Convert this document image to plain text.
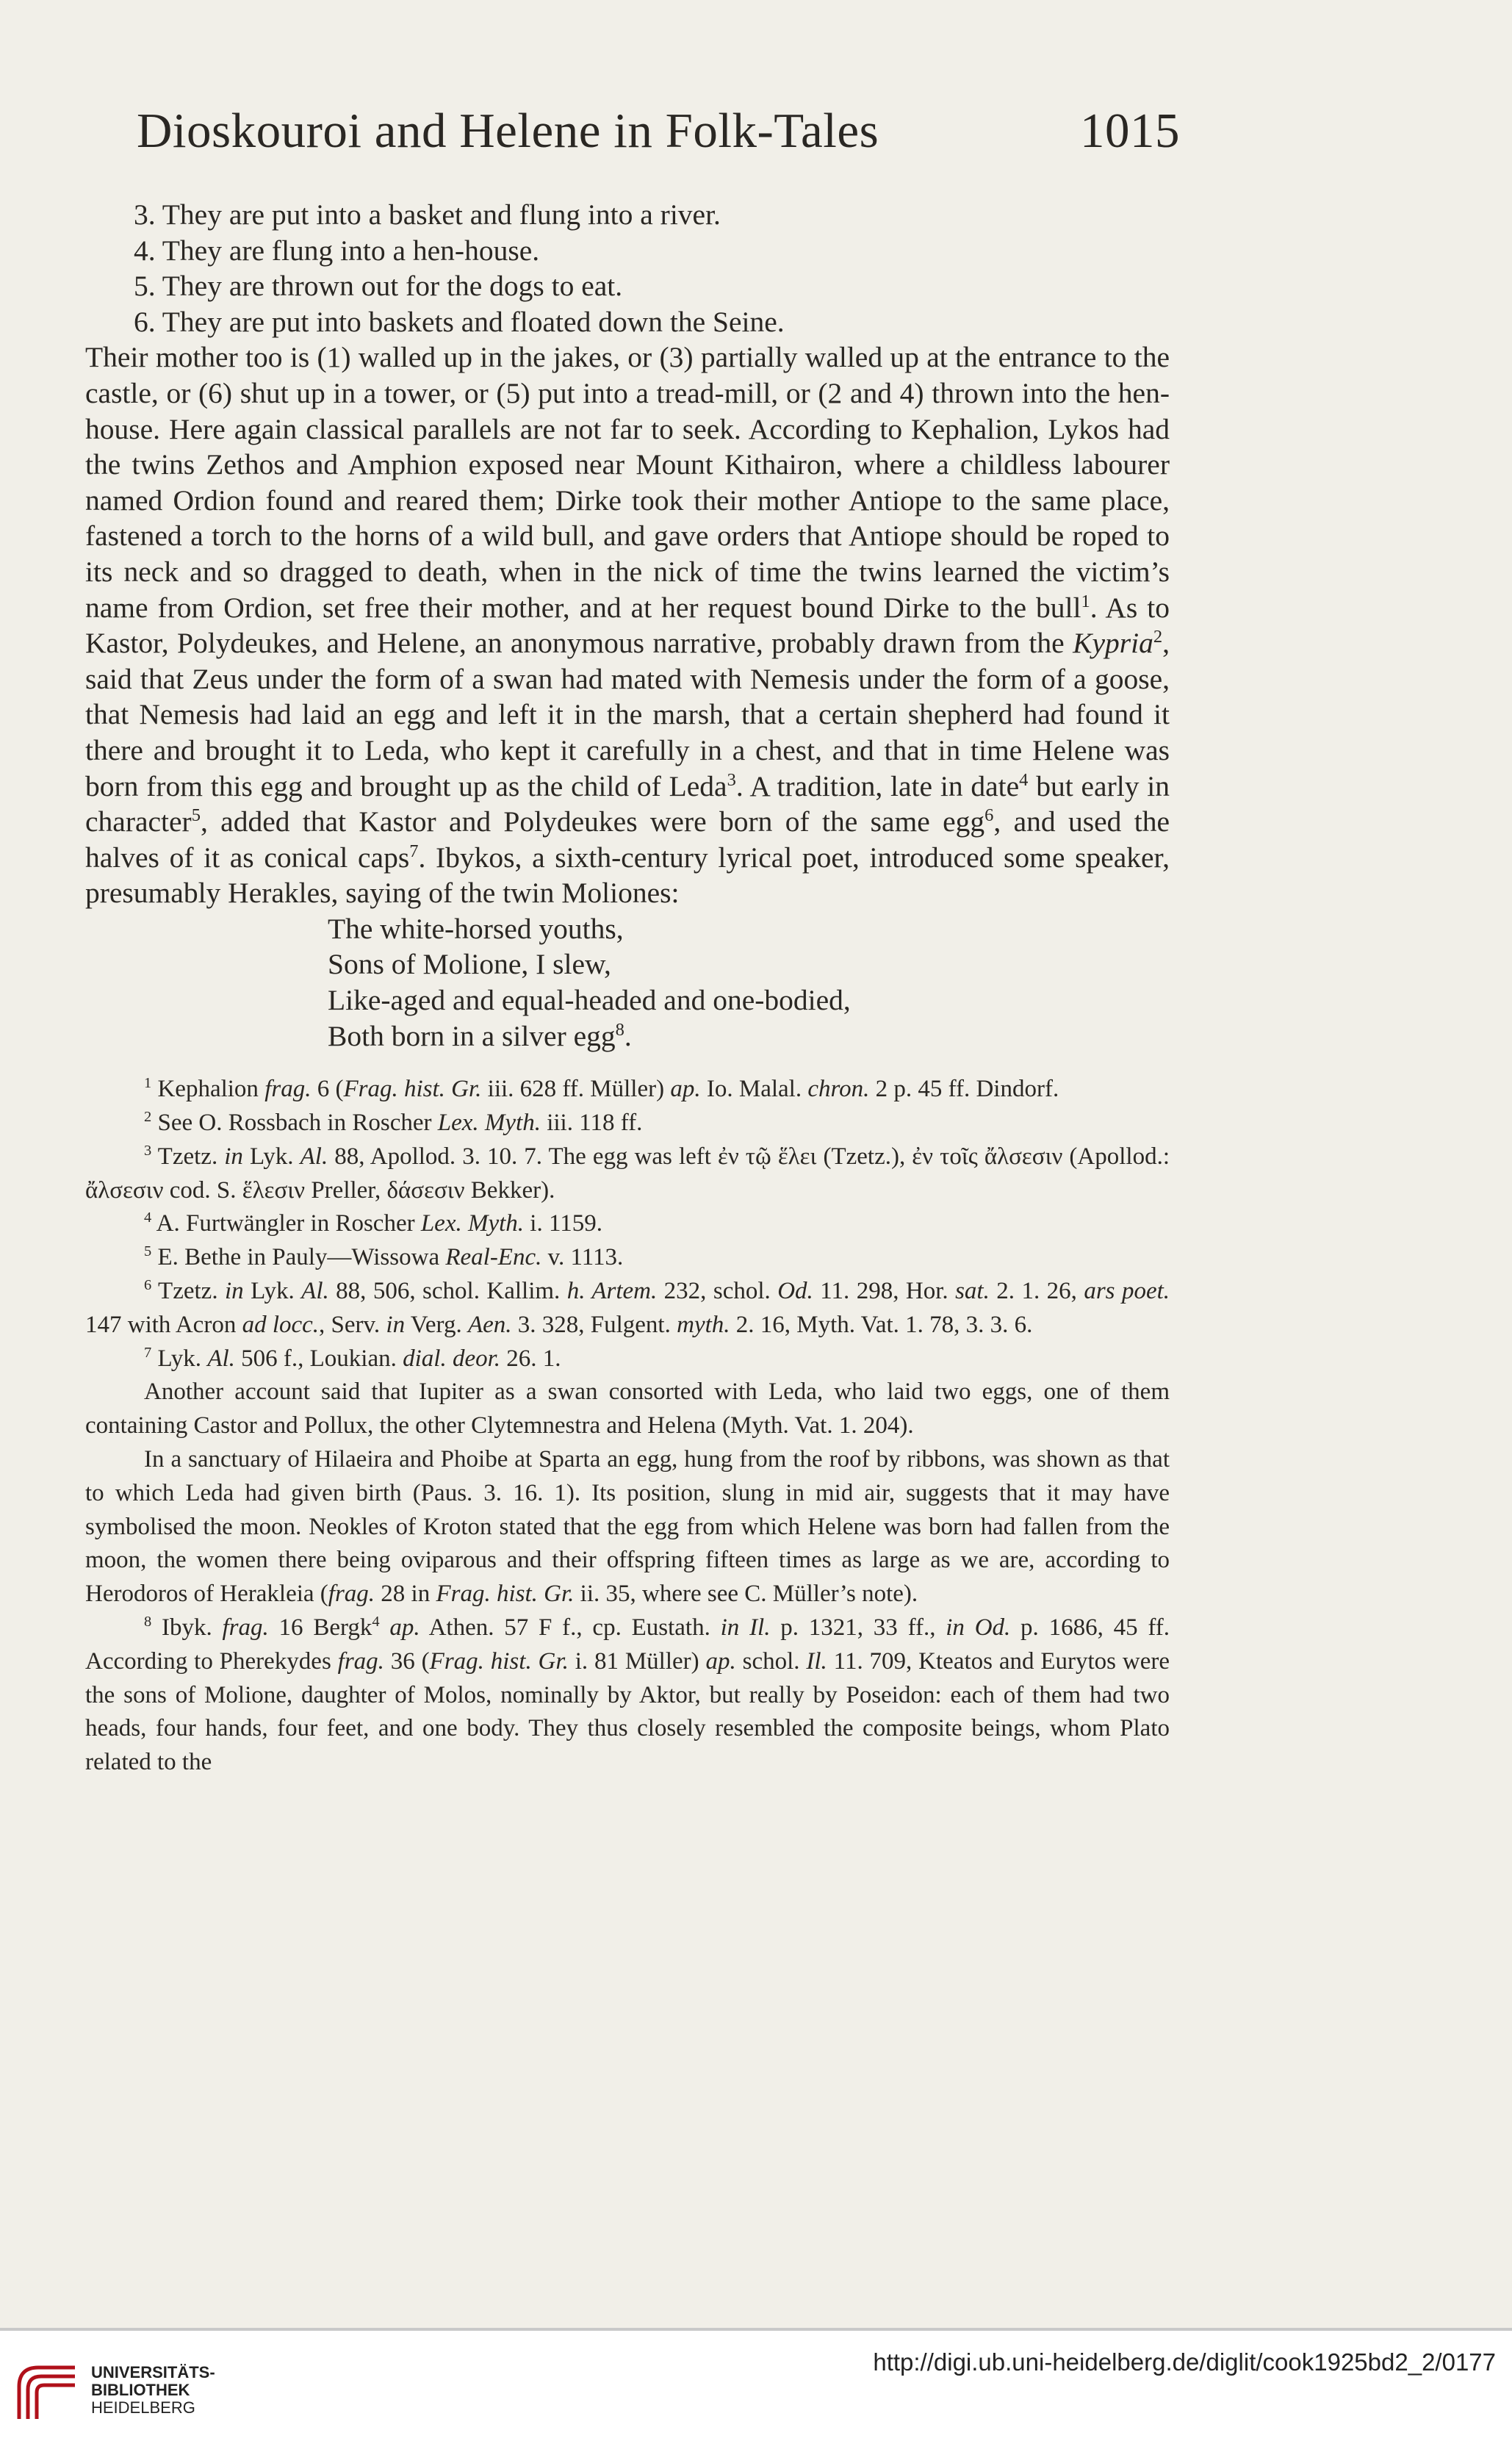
Dioskouroi and Helene in Folk-Tales	1015
3. They are put into a basket and flung into a river.
4. They are flung into a hen-house.
5. They are thrown out for the dogs to eat.
6. They are put into baskets and floated down the Seine.

Their mother too is (1) walled up in the jakes, or (3) partially walled up at the entrance to the castle, or (6) shut up in a tower, or (5) put into a tread-mill, or (2 and 4) thrown into the hen-house. Here again classical parallels are not far to seek. According to Kephalion, Lykos had the twins Zethos and Amphion exposed near Mount Kithairon, where a childless labourer named Ordion found and reared them; Dirke took their mother Antiope to the same place, fastened a torch to the horns of a wild bull, and gave orders that Antiope should be roped to its neck and so dragged to death, when in the nick of time the twins learned the victim’s name from Ordion, set free their mother, and at her request bound Dirke to the bull$^1$. As to Kastor, Polydeukes, and Helene, an anonymous narrative, probably drawn from the Kypria$^2$, said that Zeus under the form of a swan had mated with Nemesis under the form of a goose, that Nemesis had laid an egg and left it in the marsh, that a certain shepherd had found it there and brought it to Leda, who kept it carefully in a chest, and that in time Helene was born from this egg and brought up as the child of Leda$^3$. A tradition, late in date$^4$ but early in character$^5$, added that Kastor and Polydeukes were born of the same egg$^6$, and used the halves of it as conical caps$^7$. Ibykos, a sixth-century lyrical poet, introduced some speaker, presumably Herakles, saying of the twin Moliones:

The white-horsed youths,
Sons of Molione, I slew,
Like-aged and equal-headed and one-bodied,
Both born in a silver egg$^8$.

$^1$ Kephalion frag. 6 (Frag. hist. Gr. iii. 628 ff. Müller) ap. Io. Malal. chron. 2 p. 45 ff. Dindorf.

$^2$ See O. Rossbach in Roscher Lex. Myth. iii. 118 ff.

$^3$ Tzetz. in Lyk. Al. 88, Apollod. 3. 10. 7. The egg was left ἐν τῷ ἕλει (Tzetz.), ἐν τοῖς ἄλσεσιν (Apollod.: ἄλσεσιν cod. S. ἕλεσιν Preller, δάσεσιν Bekker).

$^4$ A. Furtwängler in Roscher Lex. Myth. i. 1159.

$^5$ E. Bethe in Pauly—Wissowa Real-Enc. v. 1113.

$^6$ Tzetz. in Lyk. Al. 88, 506, schol. Kallim. h. Artem. 232, schol. Od. 11. 298, Hor. sat. 2. 1. 26, ars poet. 147 with Acron ad locc., Serv. in Verg. Aen. 3. 328, Fulgent. myth. 2. 16, Myth. Vat. 1. 78, 3. 3. 6.

$^7$ Lyk. Al. 506 f., Loukian. dial. deor. 26. 1.

Another account said that Iupiter as a swan consorted with Leda, who laid two eggs, one of them containing Castor and Pollux, the other Clytemnestra and Helena (Myth. Vat. 1. 204).

In a sanctuary of Hilaeira and Phoibe at Sparta an egg, hung from the roof by ribbons, was shown as that to which Leda had given birth (Paus. 3. 16. 1). Its position, slung in mid air, suggests that it may have symbolised the moon. Neokles of Kroton stated that the egg from which Helene was born had fallen from the moon, the women there being oviparous and their offspring fifteen times as large as we are, according to Herodoros of Herakleia (frag. 28 in Frag. hist. Gr. ii. 35, where see C. Müller’s note).

$^8$ Ibyk. frag. 16 Bergk$^4$ ap. Athen. 57 F f., cp. Eustath. in Il. p. 1321, 33 ff., in Od. p. 1686, 45 ff. According to Pherekydes frag. 36 (Frag. hist. Gr. i. 81 Müller) ap. schol. Il. 11. 709, Kteatos and Eurytos were the sons of Molione, daughter of Molos, nominally by Aktor, but really by Poseidon: each of them had two heads, four hands, four feet, and one body. They thus closely resembled the composite beings, whom Plato related to the

UNIVERSITÄTS-
BIBLIOTHEK
HEIDELBERG
http://digi.ub.uni-heidelberg.de/diglit/cook1925bd2_2/0177
